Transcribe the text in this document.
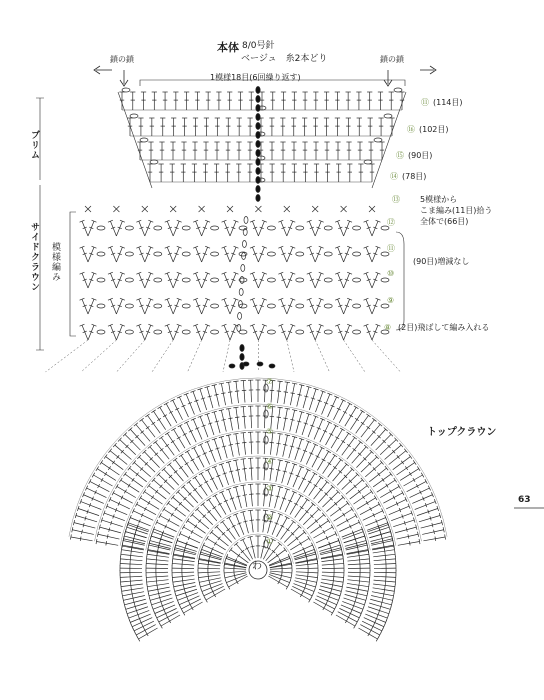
本体 8/0号針
ベージュ　糸2本どり
鎖の鎖	鎖の鎖
1模様18目(6回繰り返す)
⑪ (114目)
⑯ (102目)
⑮ (90目)
⑭ (78目)
⑬	5模様から
こま編み(11目)拾う
全体で(66目)
⑫
⑪
⑩
⑨
(90目)増減なし
⑧ (2目)飛ばして編み入れる
ブリム
サイドクラウン 模様編み
トップクラウン
⑦
⑥
⑤
④
③
②
①
わ
63
